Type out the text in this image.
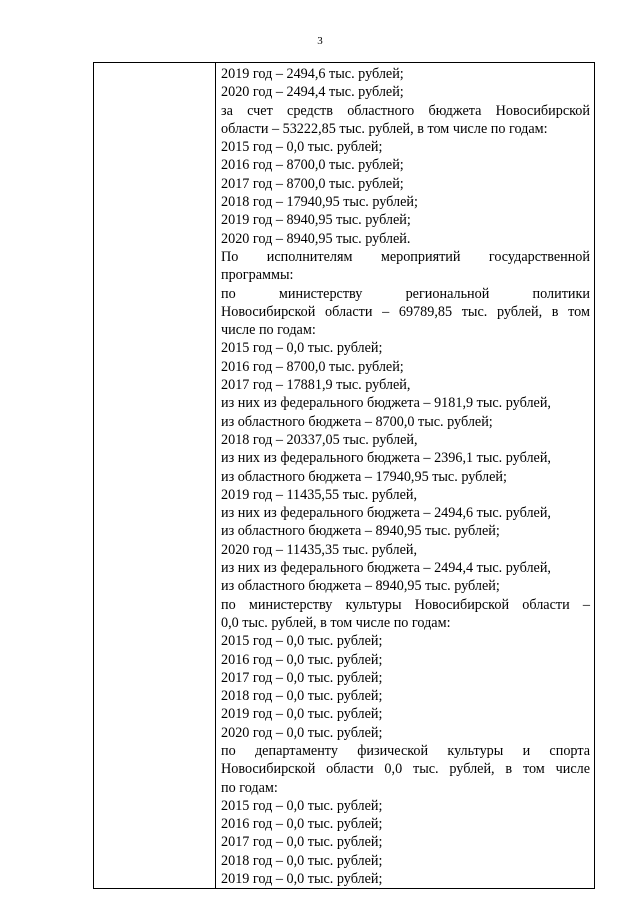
3

2019 год – 2494,6 тыс. рублей;
2020 год – 2494,4 тыс. рублей;
за счет средств областного бюджета Новосибирской
области – 53222,85 тыс. рублей, в том числе по годам:
2015 год – 0,0 тыс. рублей;
2016 год – 8700,0 тыс. рублей;
2017 год – 8700,0 тыс. рублей;
2018 год – 17940,95 тыс. рублей;
2019 год – 8940,95 тыс. рублей;
2020 год – 8940,95 тыс. рублей.
По исполнителям мероприятий государственной
программы:
по министерству региональной политики
Новосибирской области – 69789,85 тыс. рублей, в том
числе по годам:
2015 год – 0,0 тыс. рублей;
2016 год – 8700,0 тыс. рублей;
2017 год – 17881,9 тыс. рублей,
из них из федерального бюджета – 9181,9 тыс. рублей,
из областного бюджета – 8700,0 тыс. рублей;
2018 год – 20337,05 тыс. рублей,
из них из федерального бюджета – 2396,1 тыс. рублей,
из областного бюджета – 17940,95 тыс. рублей;
2019 год – 11435,55 тыс. рублей,
из них из федерального бюджета – 2494,6 тыс. рублей,
из областного бюджета – 8940,95 тыс. рублей;
2020 год – 11435,35 тыс. рублей,
из них из федерального бюджета – 2494,4 тыс. рублей,
из областного бюджета – 8940,95 тыс. рублей;
по министерству культуры Новосибирской области –
0,0 тыс. рублей, в том числе по годам:
2015 год – 0,0 тыс. рублей;
2016 год – 0,0 тыс. рублей;
2017 год – 0,0 тыс. рублей;
2018 год – 0,0 тыс. рублей;
2019 год – 0,0 тыс. рублей;
2020 год – 0,0 тыс. рублей;
по департаменту физической культуры и спорта
Новосибирской области 0,0 тыс. рублей, в том числе
по годам:
2015 год – 0,0 тыс. рублей;
2016 год – 0,0 тыс. рублей;
2017 год – 0,0 тыс. рублей;
2018 год – 0,0 тыс. рублей;
2019 год – 0,0 тыс. рублей;
